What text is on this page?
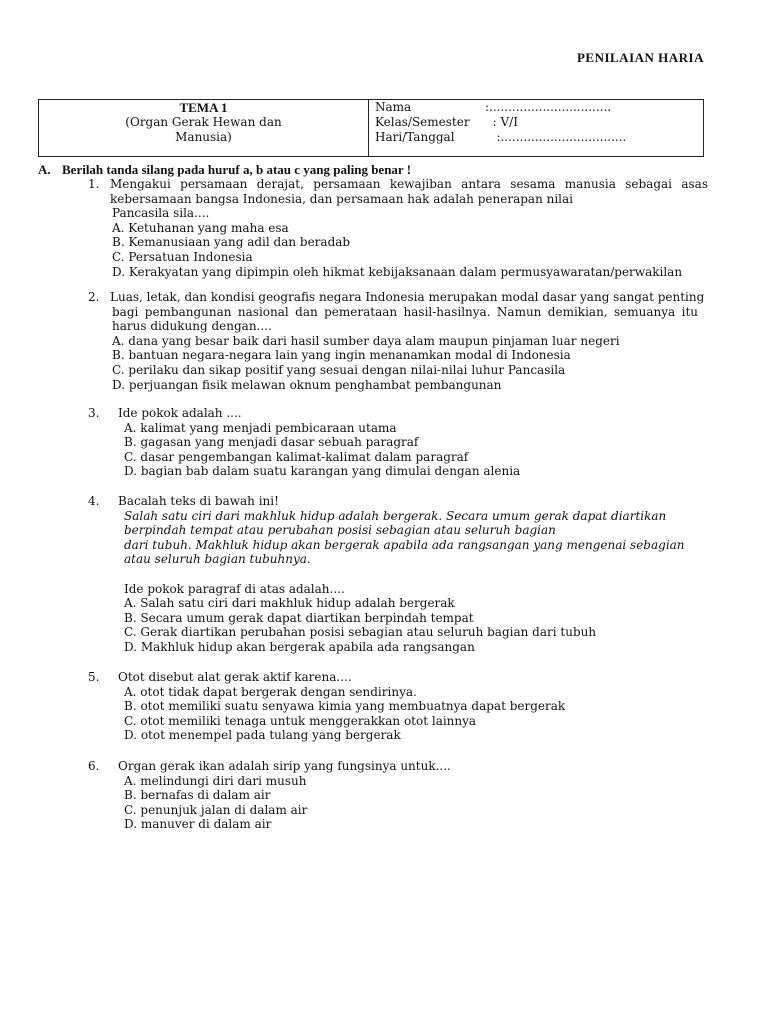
PENILAIAN HARIA
TEMA 1
(Organ Gerak Hewan dan
Manusia)
Nama	:................................
Kelas/Semester	: V/I
Hari/Tanggal	:.................................
A. Berilah tanda silang pada huruf a, b atau c yang paling benar !
1. Mengakui persamaan derajat, persamaan kewajiban antara sesama manusia sebagai asas
kebersamaan bangsa Indonesia, dan persamaan hak adalah penerapan nilai
Pancasila sila....
A. Ketuhanan yang maha esa
B. Kemanusiaan yang adil dan beradab
C. Persatuan Indonesia
D. Kerakyatan yang dipimpin oleh hikmat kebijaksanaan dalam permusyawaratan/perwakilan
2. Luas, letak, dan kondisi geografis negara Indonesia merupakan modal dasar yang sangat penting
bagi pembangunan nasional dan pemerataan hasil-hasilnya. Namun demikian, semuanya itu
harus didukung dengan....
A. dana yang besar baik dari hasil sumber daya alam maupun pinjaman luar negeri
B. bantuan negara-negara lain yang ingin menanamkan modal di Indonesia
C. perilaku dan sikap positif yang sesuai dengan nilai-nilai luhur Pancasila
D. perjuangan fisik melawan oknum penghambat pembangunan
3. Ide pokok adalah ....
A. kalimat yang menjadi pembicaraan utama
B. gagasan yang menjadi dasar sebuah paragraf
C. dasar pengembangan kalimat-kalimat dalam paragraf
D. bagian bab dalam suatu karangan yang dimulai dengan alenia
4. Bacalah teks di bawah ini!
Salah satu ciri dari makhluk hidup adalah bergerak. Secara umum gerak dapat diartikan
berpindah tempat atau perubahan posisi sebagian atau seluruh bagian
dari tubuh. Makhluk hidup akan bergerak apabila ada rangsangan yang mengenai sebagian
atau seluruh bagian tubuhnya.
Ide pokok paragraf di atas adalah....
A. Salah satu ciri dari makhluk hidup adalah bergerak
B. Secara umum gerak dapat diartikan berpindah tempat
C. Gerak diartikan perubahan posisi sebagian atau seluruh bagian dari tubuh
D. Makhluk hidup akan bergerak apabila ada rangsangan
5. Otot disebut alat gerak aktif karena....
A. otot tidak dapat bergerak dengan sendirinya.
B. otot memiliki suatu senyawa kimia yang membuatnya dapat bergerak
C. otot memiliki tenaga untuk menggerakkan otot lainnya
D. otot menempel pada tulang yang bergerak
6. Organ gerak ikan adalah sirip yang fungsinya untuk....
A. melindungi diri dari musuh
B. bernafas di dalam air
C. penunjuk jalan di dalam air
D. manuver di dalam air
